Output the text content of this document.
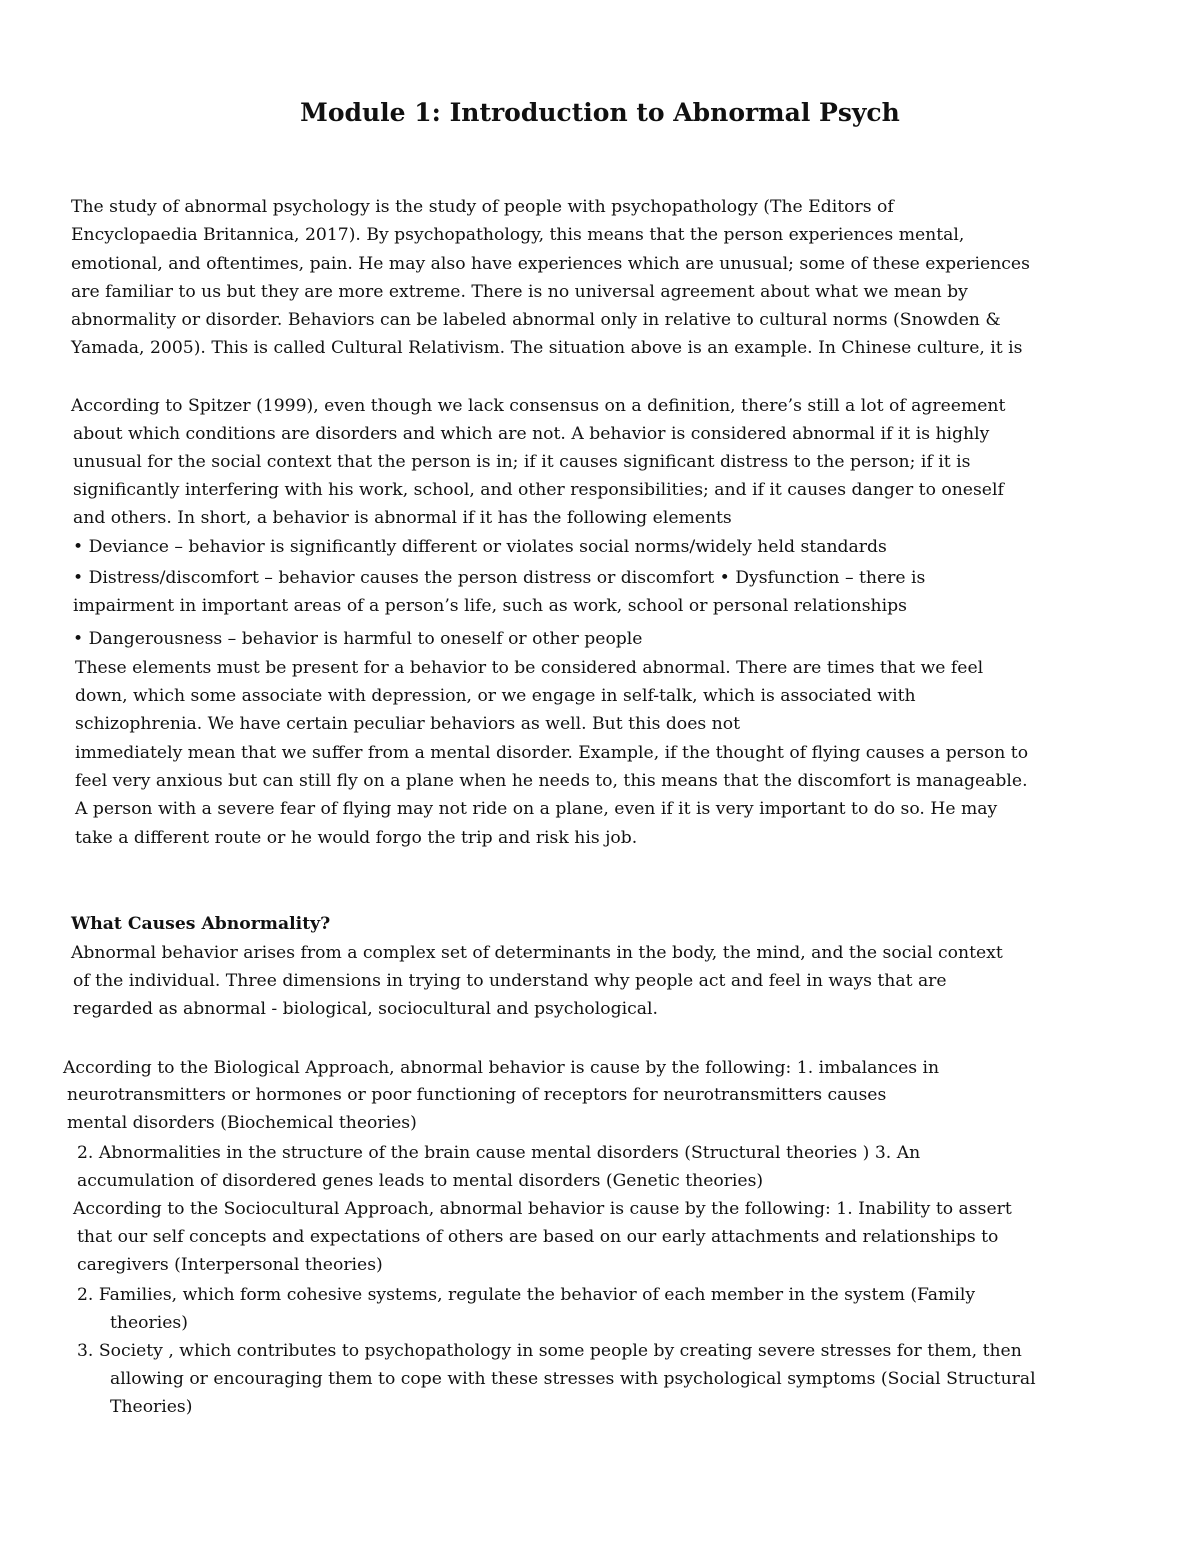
Module 1: Introduction to Abnormal Psych

The study of abnormal psychology is the study of people with psychopathology (The Editors of

Encyclopaedia Britannica, 2017). By psychopathology, this means that the person experiences mental,

emotional, and oftentimes, pain. He may also have experiences which are unusual; some of these experiences

are familiar to us but they are more extreme. There is no universal agreement about what we mean by

abnormality or disorder. Behaviors can be labeled abnormal only in relative to cultural norms (Snowden &

Yamada, 2005). This is called Cultural Relativism. The situation above is an example. In Chinese culture, it is

According to Spitzer (1999), even though we lack consensus on a definition, there’s still a lot of agreement

about which conditions are disorders and which are not. A behavior is considered abnormal if it is highly

unusual for the social context that the person is in; if it causes significant distress to the person; if it is

significantly interfering with his work, school, and other responsibilities; and if it causes danger to oneself

and others. In short, a behavior is abnormal if it has the following elements

• Deviance – behavior is significantly different or violates social norms/widely held standards

• Distress/discomfort – behavior causes the person distress or discomfort • Dysfunction – there is

impairment in important areas of a person’s life, such as work, school or personal relationships

• Dangerousness – behavior is harmful to oneself or other people

These elements must be present for a behavior to be considered abnormal. There are times that we feel

down, which some associate with depression, or we engage in self-talk, which is associated with

schizophrenia. We have certain peculiar behaviors as well. But this does not

immediately mean that we suffer from a mental disorder. Example, if the thought of flying causes a person to

feel very anxious but can still fly on a plane when he needs to, this means that the discomfort is manageable.

A person with a severe fear of flying may not ride on a plane, even if it is very important to do so. He may

take a different route or he would forgo the trip and risk his job.

What Causes Abnormality?

Abnormal behavior arises from a complex set of determinants in the body, the mind, and the social context

of the individual. Three dimensions in trying to understand why people act and feel in ways that are

regarded as abnormal - biological, sociocultural and psychological.

According to the Biological Approach, abnormal behavior is cause by the following: 1. imbalances in

neurotransmitters or hormones or poor functioning of receptors for neurotransmitters causes

mental disorders (Biochemical theories)

2. Abnormalities in the structure of the brain cause mental disorders (Structural theories ) 3. An

accumulation of disordered genes leads to mental disorders (Genetic theories)

According to the Sociocultural Approach, abnormal behavior is cause by the following: 1. Inability to assert

that our self concepts and expectations of others are based on our early attachments and relationships to

caregivers (Interpersonal theories)

2. Families, which form cohesive systems, regulate the behavior of each member in the system (Family

theories)

3. Society , which contributes to psychopathology in some people by creating severe stresses for them, then

allowing or encouraging them to cope with these stresses with psychological symptoms (Social Structural

Theories)
